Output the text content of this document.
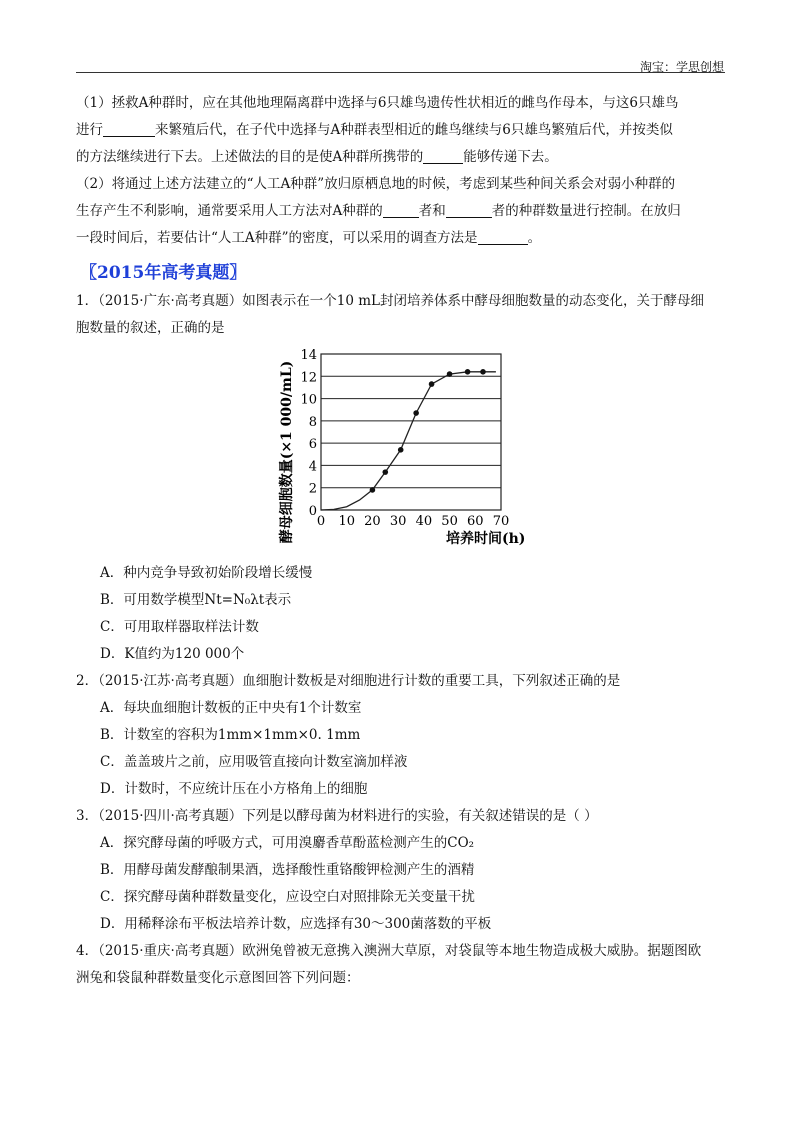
淘宝：学思创想

（1）拯救A种群时，应在其他地理隔离群中选择与6只雄鸟遗传性状相近的雌鸟作母本，与这6只雄鸟

进行	来繁殖后代，在子代中选择与A种群表型相近的雌鸟继续与6只雄鸟繁殖后代，并按类似

的方法继续进行下去。上述做法的目的是使A种群所携带的	能够传递下去。

（2）将通过上述方法建立的“人工A种群”放归原栖息地的时候，考虑到某些种间关系会对弱小种群的

生存产生不利影响，通常要采用人工方法对A种群的	者和	者的种群数量进行控制。在放归

一段时间后，若要估计“人工A种群”的密度，可以采用的调查方法是	。

〖2015年高考真题〗

1．（2015·广东·高考真题）如图表示在一个10 mL封闭培养体系中酵母细胞数量的动态变化，关于酵母细

胞数量的叙述，正确的是

0
2
4
6
8
10
12
14
0 10 20 30 40 50 60 70
培养时间(h)
酵母细胞数量(×1 000/mL)

A．种内竞争导致初始阶段增长缓慢

B．可用数学模型Nt=N₀λt表示

C．可用取样器取样法计数

D．K值约为120 000个

2．（2015·江苏·高考真题）血细胞计数板是对细胞进行计数的重要工具，下列叙述正确的是

A．每块血细胞计数板的正中央有1个计数室

B．计数室的容积为1mm×1mm×0. 1mm

C．盖盖玻片之前，应用吸管直接向计数室滴加样液

D．计数时，不应统计压在小方格角上的细胞

3．（2015·四川·高考真题）下列是以酵母菌为材料进行的实验，有关叙述错误的是（ ）

A．探究酵母菌的呼吸方式，可用溴麝香草酚蓝检测产生的CO₂

B．用酵母菌发酵酿制果酒，选择酸性重铬酸钾检测产生的酒精

C．探究酵母菌种群数量变化，应设空白对照排除无关变量干扰

D．用稀释涂布平板法培养计数，应选择有30～300菌落数的平板

4．（2015·重庆·高考真题）欧洲兔曾被无意携入澳洲大草原，对袋鼠等本地生物造成极大威胁。据题图欧

洲兔和袋鼠种群数量变化示意图回答下列问题：
